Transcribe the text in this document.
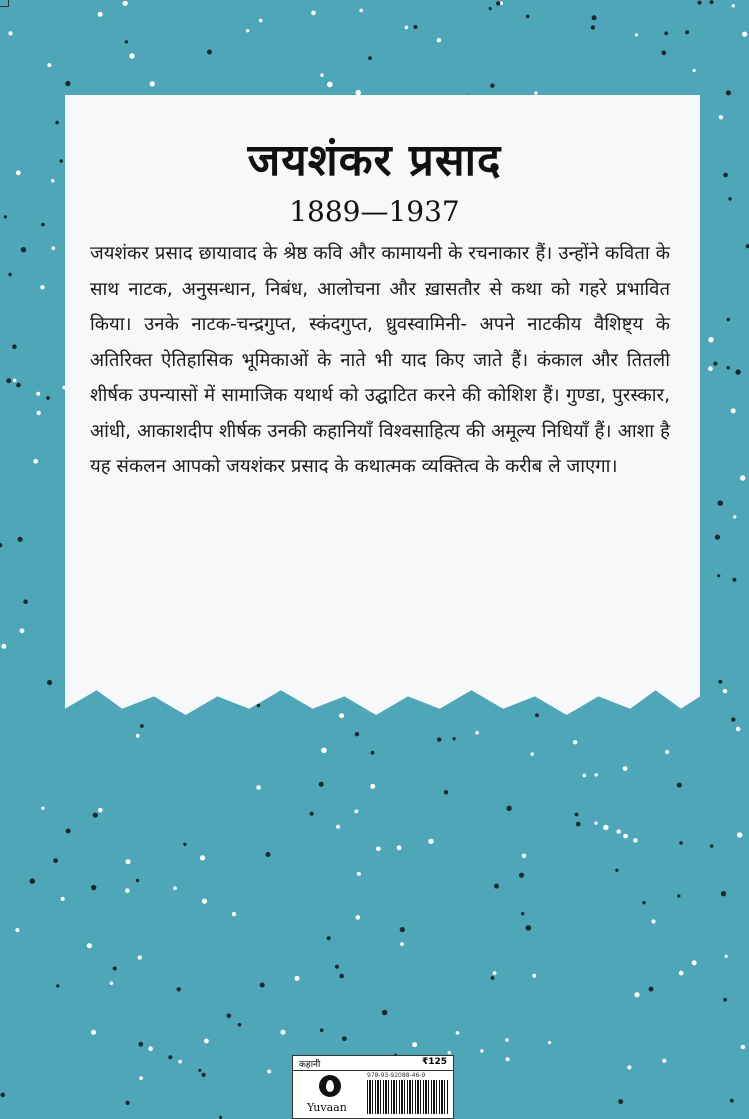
जयशंकर प्रसाद
1889—1937
जयशंकर प्रसाद छायावाद के श्रेष्ठ कवि और कामायनी के रचनाकार हैं। उन्होंने कविता के साथ नाटक, अनुसन्धान, निबंध, आलोचना और ख़ासतौर से कथा को गहरे प्रभावित किया। उनके नाटक-चन्द्रगुप्त, स्कंदगुप्त, ध्रुवस्वामिनी- अपने नाटकीय वैशिष्ट्य के अतिरिक्त ऐतिहासिक भूमिकाओं के नाते भी याद किए जाते हैं। कंकाल और तितली शीर्षक उपन्यासों में सामाजिक यथार्थ को उद्घाटित करने की कोशिश हैं। गुण्डा, पुरस्कार, आंधी, आकाशदीप शीर्षक उनकी कहानियाँ विश्वसाहित्य की अमूल्य निधियाँ हैं। आशा है यह संकलन आपको जयशंकर प्रसाद के कथात्मक व्यक्तित्व के करीब ले जाएगा।
कहानी	₹125
Yuvaan
978-93-92088-46-9
